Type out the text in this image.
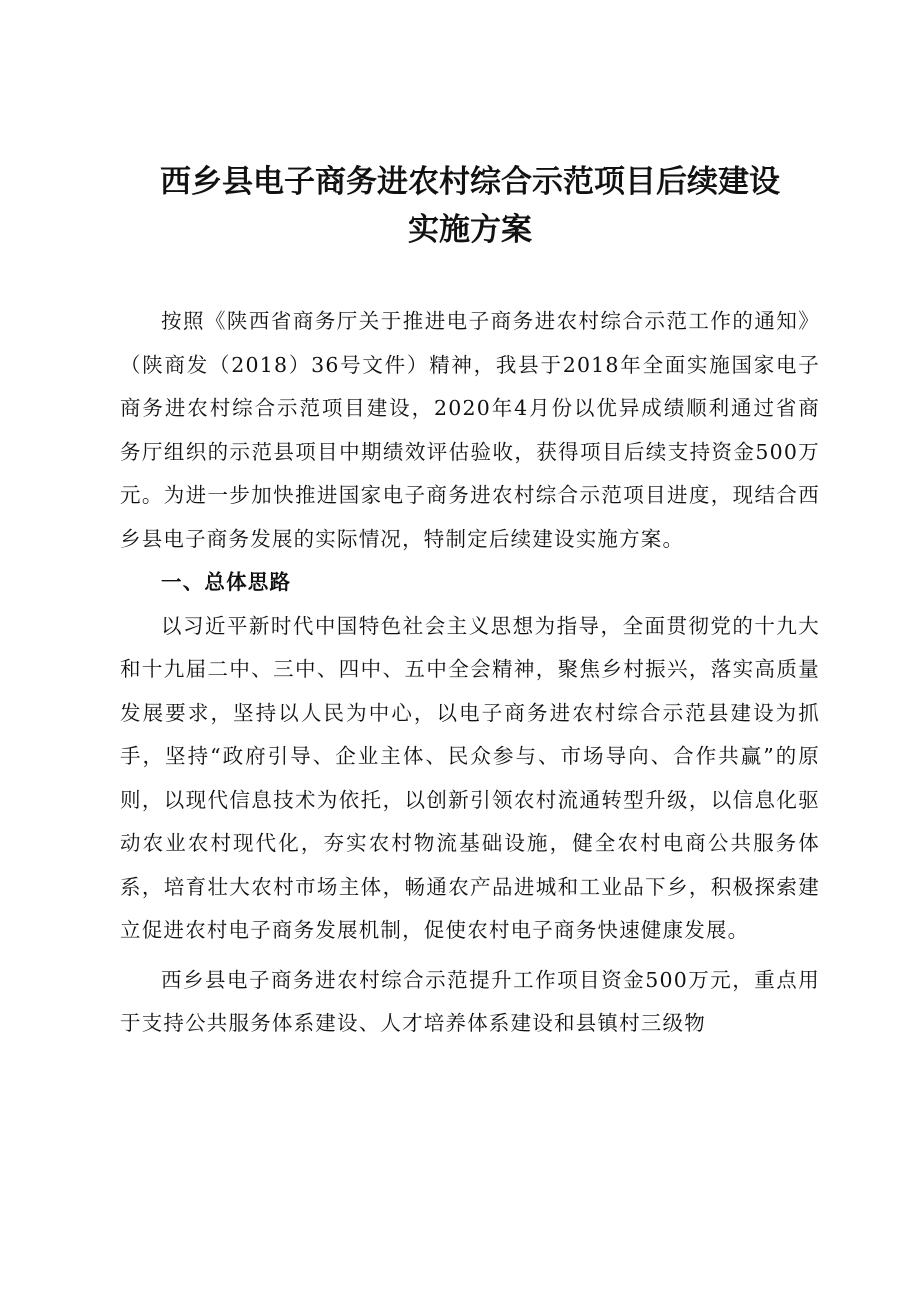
西乡县电子商务进农村综合示范项目后续建设
实施方案

按照《陕西省商务厅关于推进电子商务进农村综合示范工作的通知》（陕商发（2018）36号文件）精神，我县于2018年全面实施国家电子商务进农村综合示范项目建设，2020年4月份以优异成绩顺利通过省商务厅组织的示范县项目中期绩效评估验收，获得项目后续支持资金500万元。为进一步加快推进国家电子商务进农村综合示范项目进度，现结合西乡县电子商务发展的实际情况，特制定后续建设实施方案。

一、总体思路

以习近平新时代中国特色社会主义思想为指导，全面贯彻党的十九大和十九届二中、三中、四中、五中全会精神，聚焦乡村振兴，落实高质量发展要求，坚持以人民为中心，以电子商务进农村综合示范县建设为抓手，坚持“政府引导、企业主体、民众参与、市场导向、合作共赢”的原则，以现代信息技术为依托，以创新引领农村流通转型升级，以信息化驱动农业农村现代化，夯实农村物流基础设施，健全农村电商公共服务体系，培育壮大农村市场主体，畅通农产品进城和工业品下乡，积极探索建立促进农村电子商务发展机制，促使农村电子商务快速健康发展。

西乡县电子商务进农村综合示范提升工作项目资金500万元，重点用于支持公共服务体系建设、人才培养体系建设和县镇村三级物
